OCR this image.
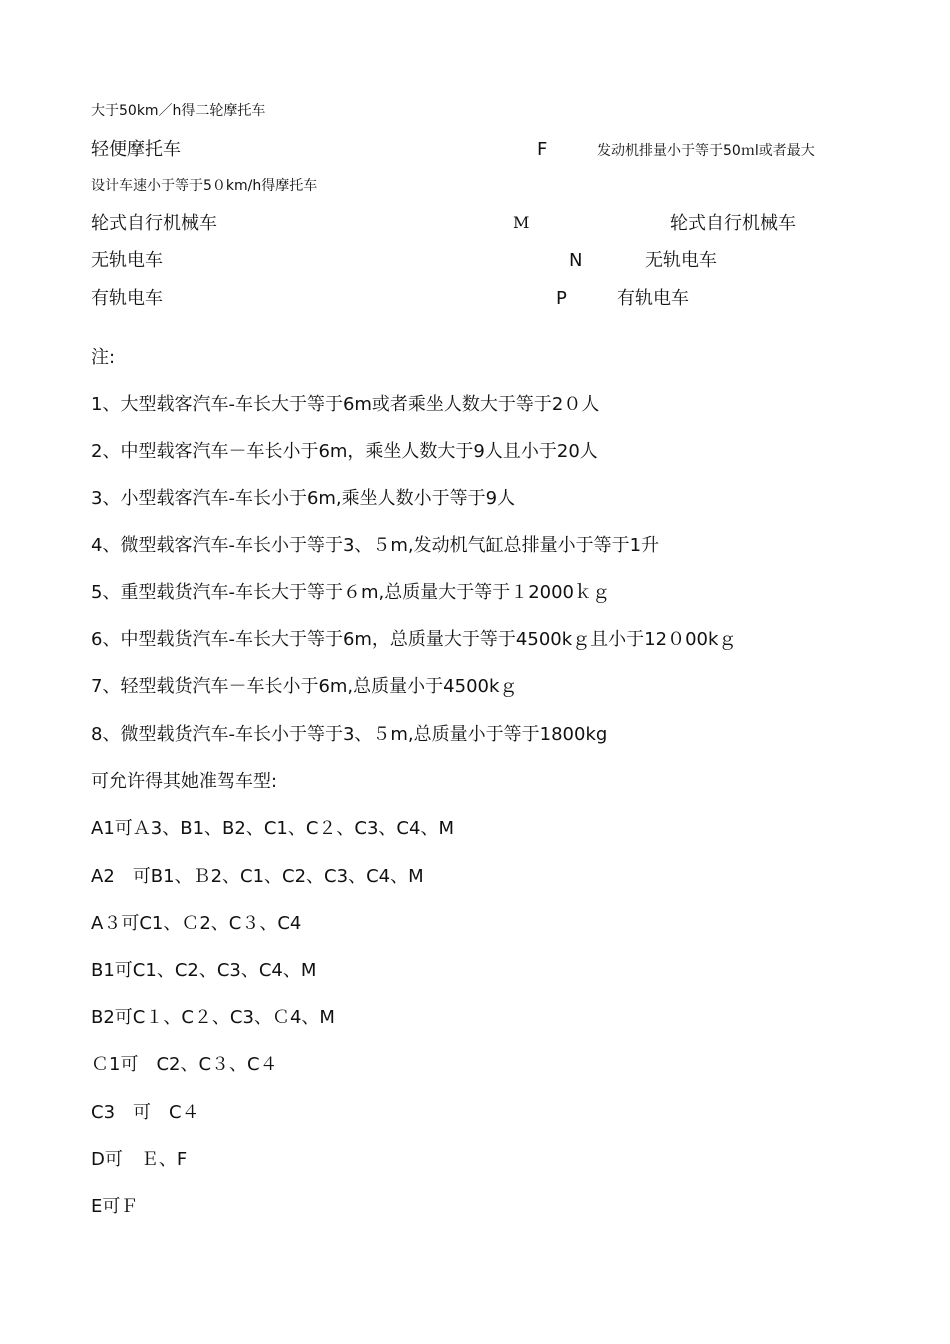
大于50km／h得二轮摩托车
轻便摩托车	F	发动机排量小于等于50ｍl或者最大
设计车速小于等于5０km/h得摩托车
轮式自行机械车	M	轮式自行机械车
无轨电车	N	无轨电车
有轨电车	P	有轨电车
注:
1、大型载客汽车-车长大于等于6m或者乘坐人数大于等于2０人
2、中型载客汽车－车长小于6m，乘坐人数大于9人且小于20人
3、小型载客汽车-车长小于6m,乘坐人数小于等于9人
4、微型载客汽车-车长小于等于3、５m,发动机气缸总排量小于等于1升
5、重型载货汽车-车长大于等于６m,总质量大于等于１2000ｋｇ
6、中型载货汽车-车长大于等于6m，总质量大于等于4500kｇ且小于12０00kｇ
7、轻型载货汽车－车长小于6m,总质量小于4500kｇ
8、微型载货汽车-车长小于等于3、５m,总质量小于等于1800kg
可允许得其她准驾车型:
A1可Ａ3、B1、B2、C1、C２、C3、C4、M
A2　可B1、Ｂ2、C1、C2、C3、C4、M
A３可C1、Ｃ2、C３、C4
B1可C1、C2、C3、C4、M
B2可C１、C２、C3、Ｃ4、M
Ｃ1可　C2、C３、C４
C3　可　C４
D可　Ｅ、F
E可Ｆ
